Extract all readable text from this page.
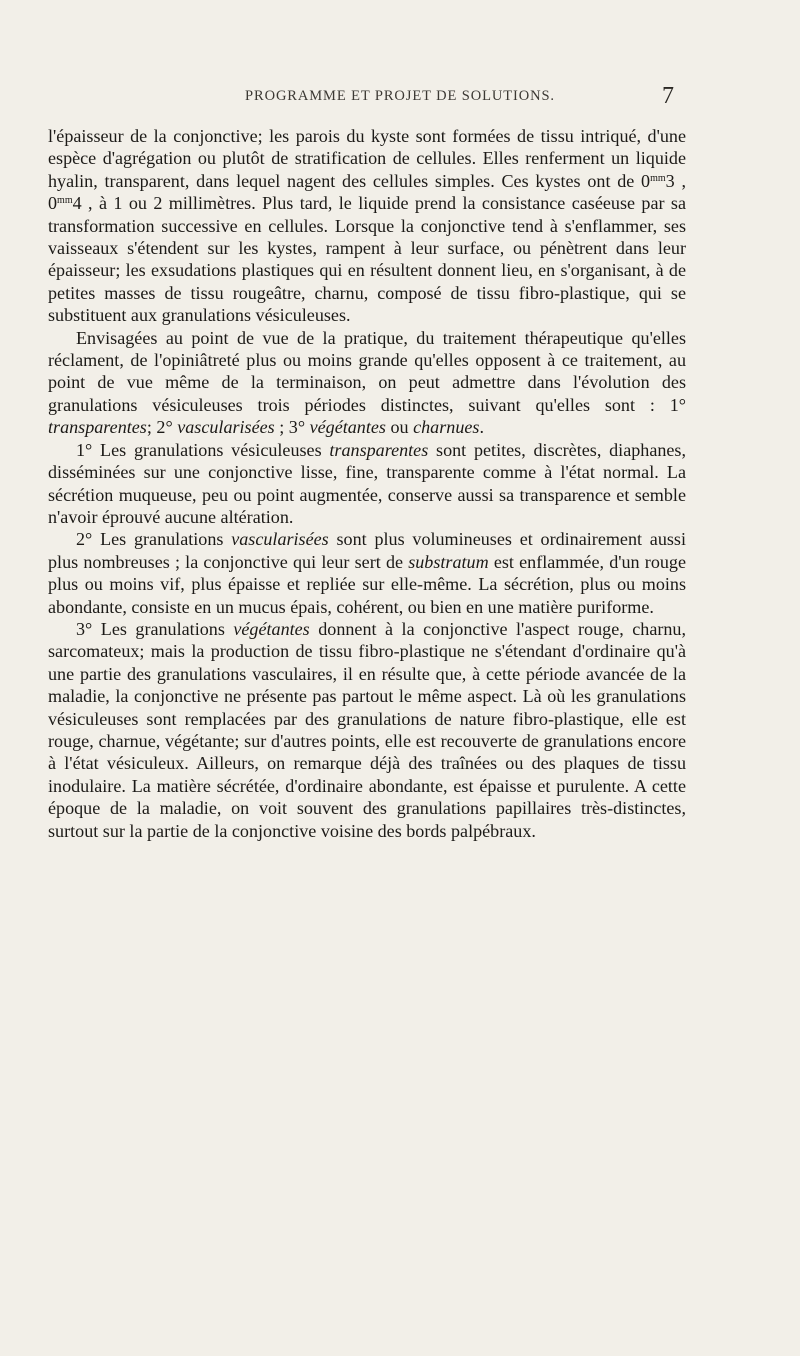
PROGRAMME ET PROJET DE SOLUTIONS.	7

l'épaisseur de la conjonctive; les parois du kyste sont formées de tissu intriqué, d'une espèce d'agrégation ou plutôt de stratification de cellules. Elles renferment un liquide hyalin, transparent, dans lequel nagent des cellules simples. Ces kystes ont de $0^{mm}3$ , $0^{mm}4$ , à 1 ou 2 millimètres. Plus tard, le liquide prend la consistance caséeuse par sa transformation successive en cellules. Lorsque la conjonctive tend à s'enflammer, ses vaisseaux s'étendent sur les kystes, rampent à leur surface, ou pénètrent dans leur épaisseur; les exsudations plastiques qui en résultent donnent lieu, en s'organisant, à de petites masses de tissu rougeâtre, charnu, composé de tissu fibro-plastique, qui se substituent aux granulations vésiculeuses.

Envisagées au point de vue de la pratique, du traitement thérapeutique qu'elles réclament, de l'opiniâtreté plus ou moins grande qu'elles opposent à ce traitement, au point de vue même de la terminaison, on peut admettre dans l'évolution des granulations vésiculeuses trois périodes distinctes, suivant qu'elles sont : 1° transparentes; 2° vascularisées ; 3° végétantes ou charnues.

1° Les granulations vésiculeuses transparentes sont petites, discrètes, diaphanes, disséminées sur une conjonctive lisse, fine, transparente comme à l'état normal. La sécrétion muqueuse, peu ou point augmentée, conserve aussi sa transparence et semble n'avoir éprouvé aucune altération.

2° Les granulations vascularisées sont plus volumineuses et ordinairement aussi plus nombreuses ; la conjonctive qui leur sert de substratum est enflammée, d'un rouge plus ou moins vif, plus épaisse et repliée sur elle-même. La sécrétion, plus ou moins abondante, consiste en un mucus épais, cohérent, ou bien en une matière puriforme.

3° Les granulations végétantes donnent à la conjonctive l'aspect rouge, charnu, sarcomateux; mais la production de tissu fibro-plastique ne s'étendant d'ordinaire qu'à une partie des granulations vasculaires, il en résulte que, à cette période avancée de la maladie, la conjonctive ne présente pas partout le même aspect. Là où les granulations vésiculeuses sont remplacées par des granulations de nature fibro-plastique, elle est rouge, charnue, végétante; sur d'autres points, elle est recouverte de granulations encore à l'état vésiculeux. Ailleurs, on remarque déjà des traînées ou des plaques de tissu inodulaire. La matière sécrétée, d'ordinaire abondante, est épaisse et purulente. A cette époque de la maladie, on voit souvent des granulations papillaires très-distinctes, surtout sur la partie de la conjonctive voisine des bords palpébraux.
